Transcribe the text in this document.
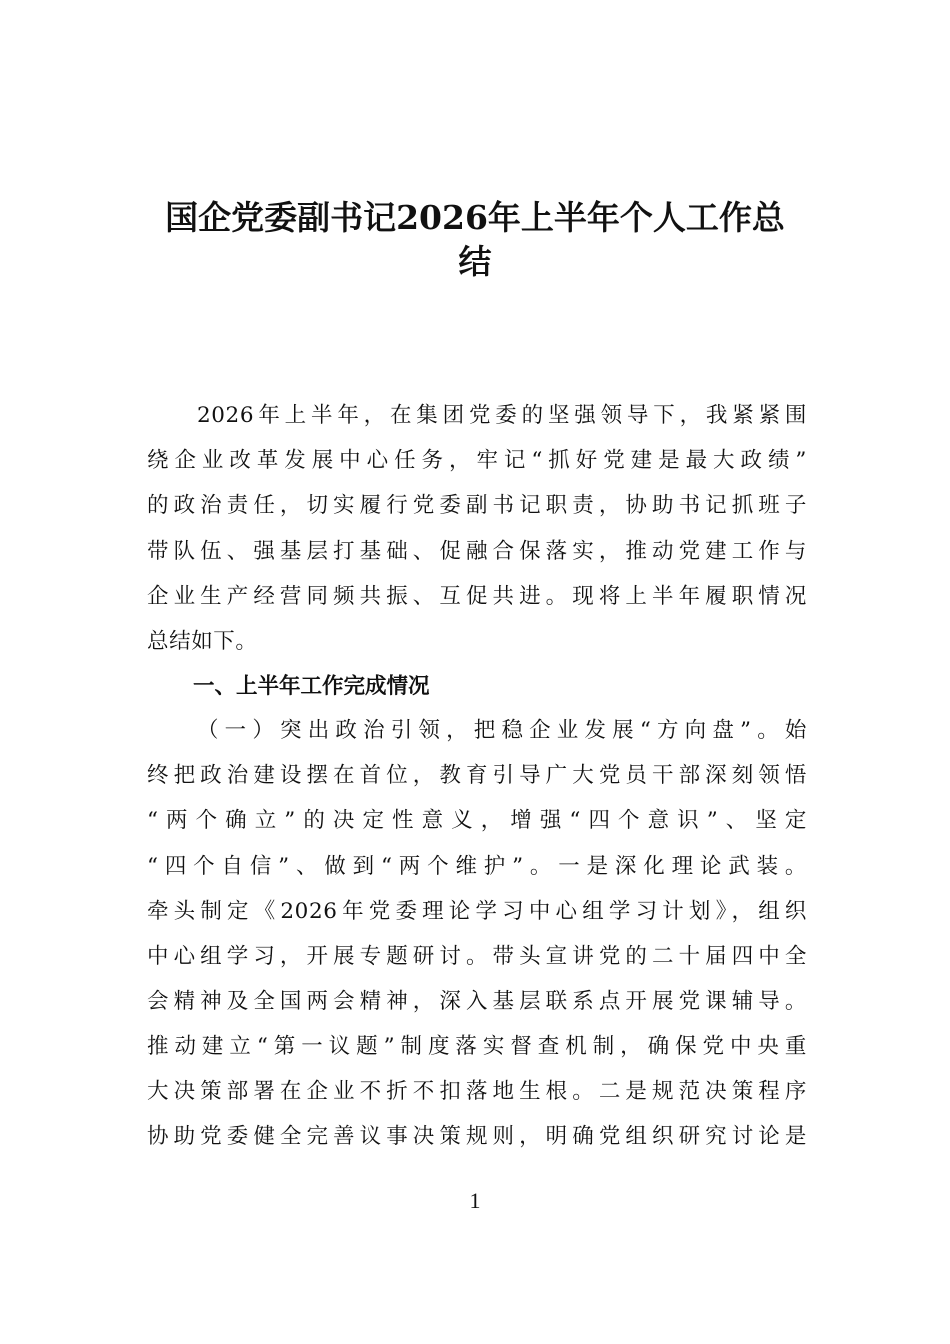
国企党委副书记2026年上半年个人工作总
结
2026年上半年，在集团党委的坚强领导下，我紧紧围
绕企业改革发展中心任务，牢记“抓好党建是最大政绩”
的政治责任，切实履行党委副书记职责，协助书记抓班子
带队伍、强基层打基础、促融合保落实，推动党建工作与
企业生产经营同频共振、互促共进。现将上半年履职情况
总结如下。
一、上半年工作完成情况
（一）突出政治引领，把稳企业发展“方向盘”。始
终把政治建设摆在首位，教育引导广大党员干部深刻领悟
“两个确立”的决定性意义，增强“四个意识”、坚定
“四个自信”、做到“两个维护”。一是深化理论武装。
牵头制定《2026年党委理论学习中心组学习计划》，组织
中心组学习，开展专题研讨。带头宣讲党的二十届四中全
会精神及全国两会精神，深入基层联系点开展党课辅导。
推动建立“第一议题”制度落实督查机制，确保党中央重
大决策部署在企业不折不扣落地生根。二是规范决策程序
协助党委健全完善议事决策规则，明确党组织研究讨论是
1
